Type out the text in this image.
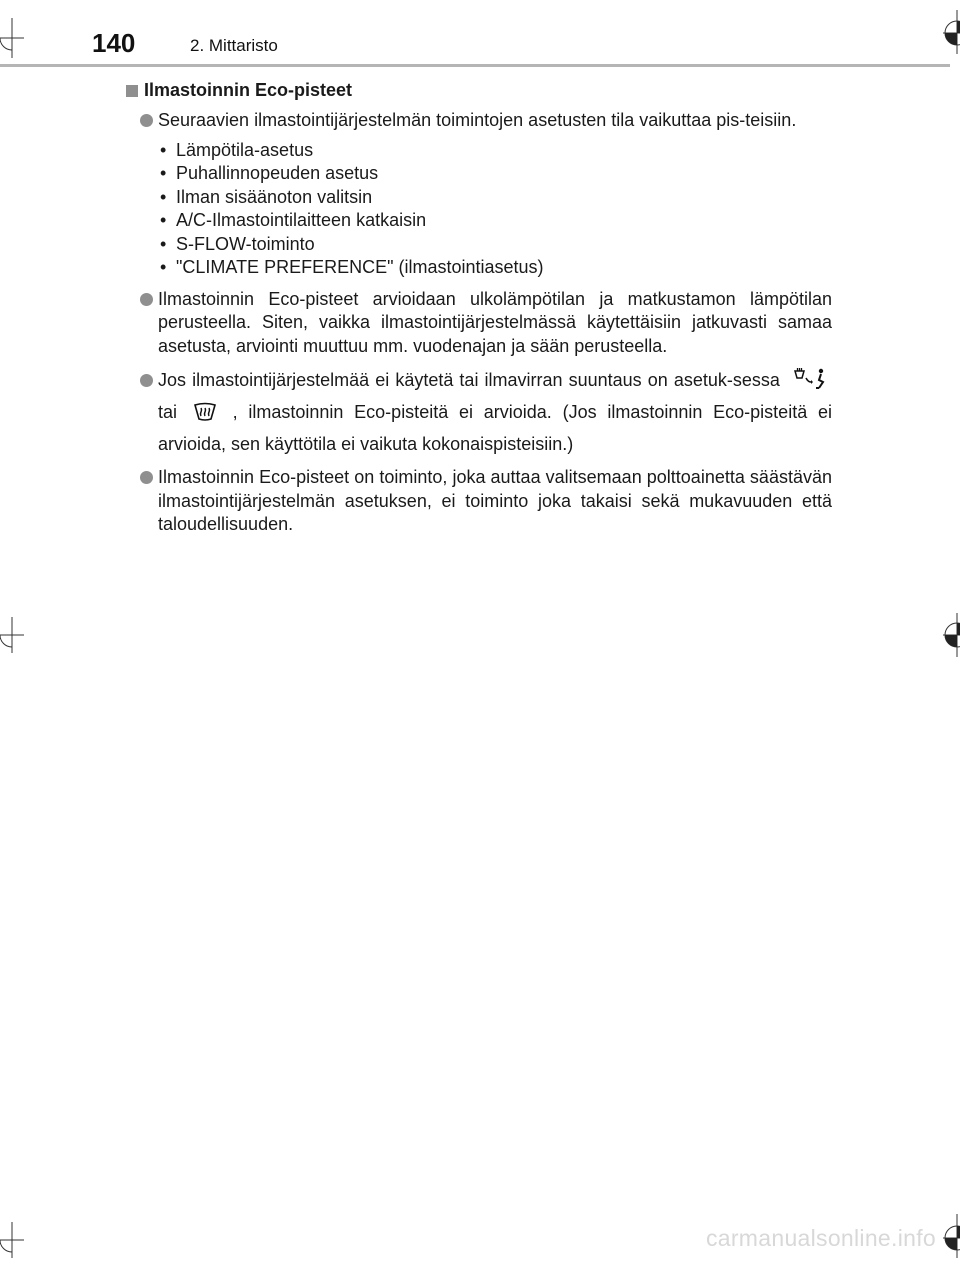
140	2. Mittaristo
Ilmastoinnin Eco-pisteet
Seuraavien ilmastointijärjestelmän toimintojen asetusten tila vaikuttaa pis-teisiin.
• Lämpötila-asetus
• Puhallinnopeuden asetus
• Ilman sisäänoton valitsin
• A/C-Ilmastointilaitteen katkaisin
• S-FLOW-toiminto
• "CLIMATE PREFERENCE" (ilmastointiasetus)
Ilmastoinnin Eco-pisteet arvioidaan ulkolämpötilan ja matkustamon lämpötilan perusteella. Siten, vaikka ilmastointijärjestelmässä käytettäisiin jatkuvasti samaa asetusta, arviointi muuttuu mm. vuodenajan ja sään perusteella.
Jos ilmastointijärjestelmää ei käytetä tai ilmavirran suuntaus on asetuk-sessa  tai	, ilmastoinnin Eco-pisteitä ei arvioida. (Jos ilmastoinnin Eco-pisteitä ei arvioida, sen käyttötila ei vaikuta kokonaispisteisiin.)
Ilmastoinnin Eco-pisteet on toiminto, joka auttaa valitsemaan polttoainetta säästävän ilmastointijärjestelmän asetuksen, ei toiminto joka takaisi sekä mukavuuden että taloudellisuuden.
carmanualsonline.info
